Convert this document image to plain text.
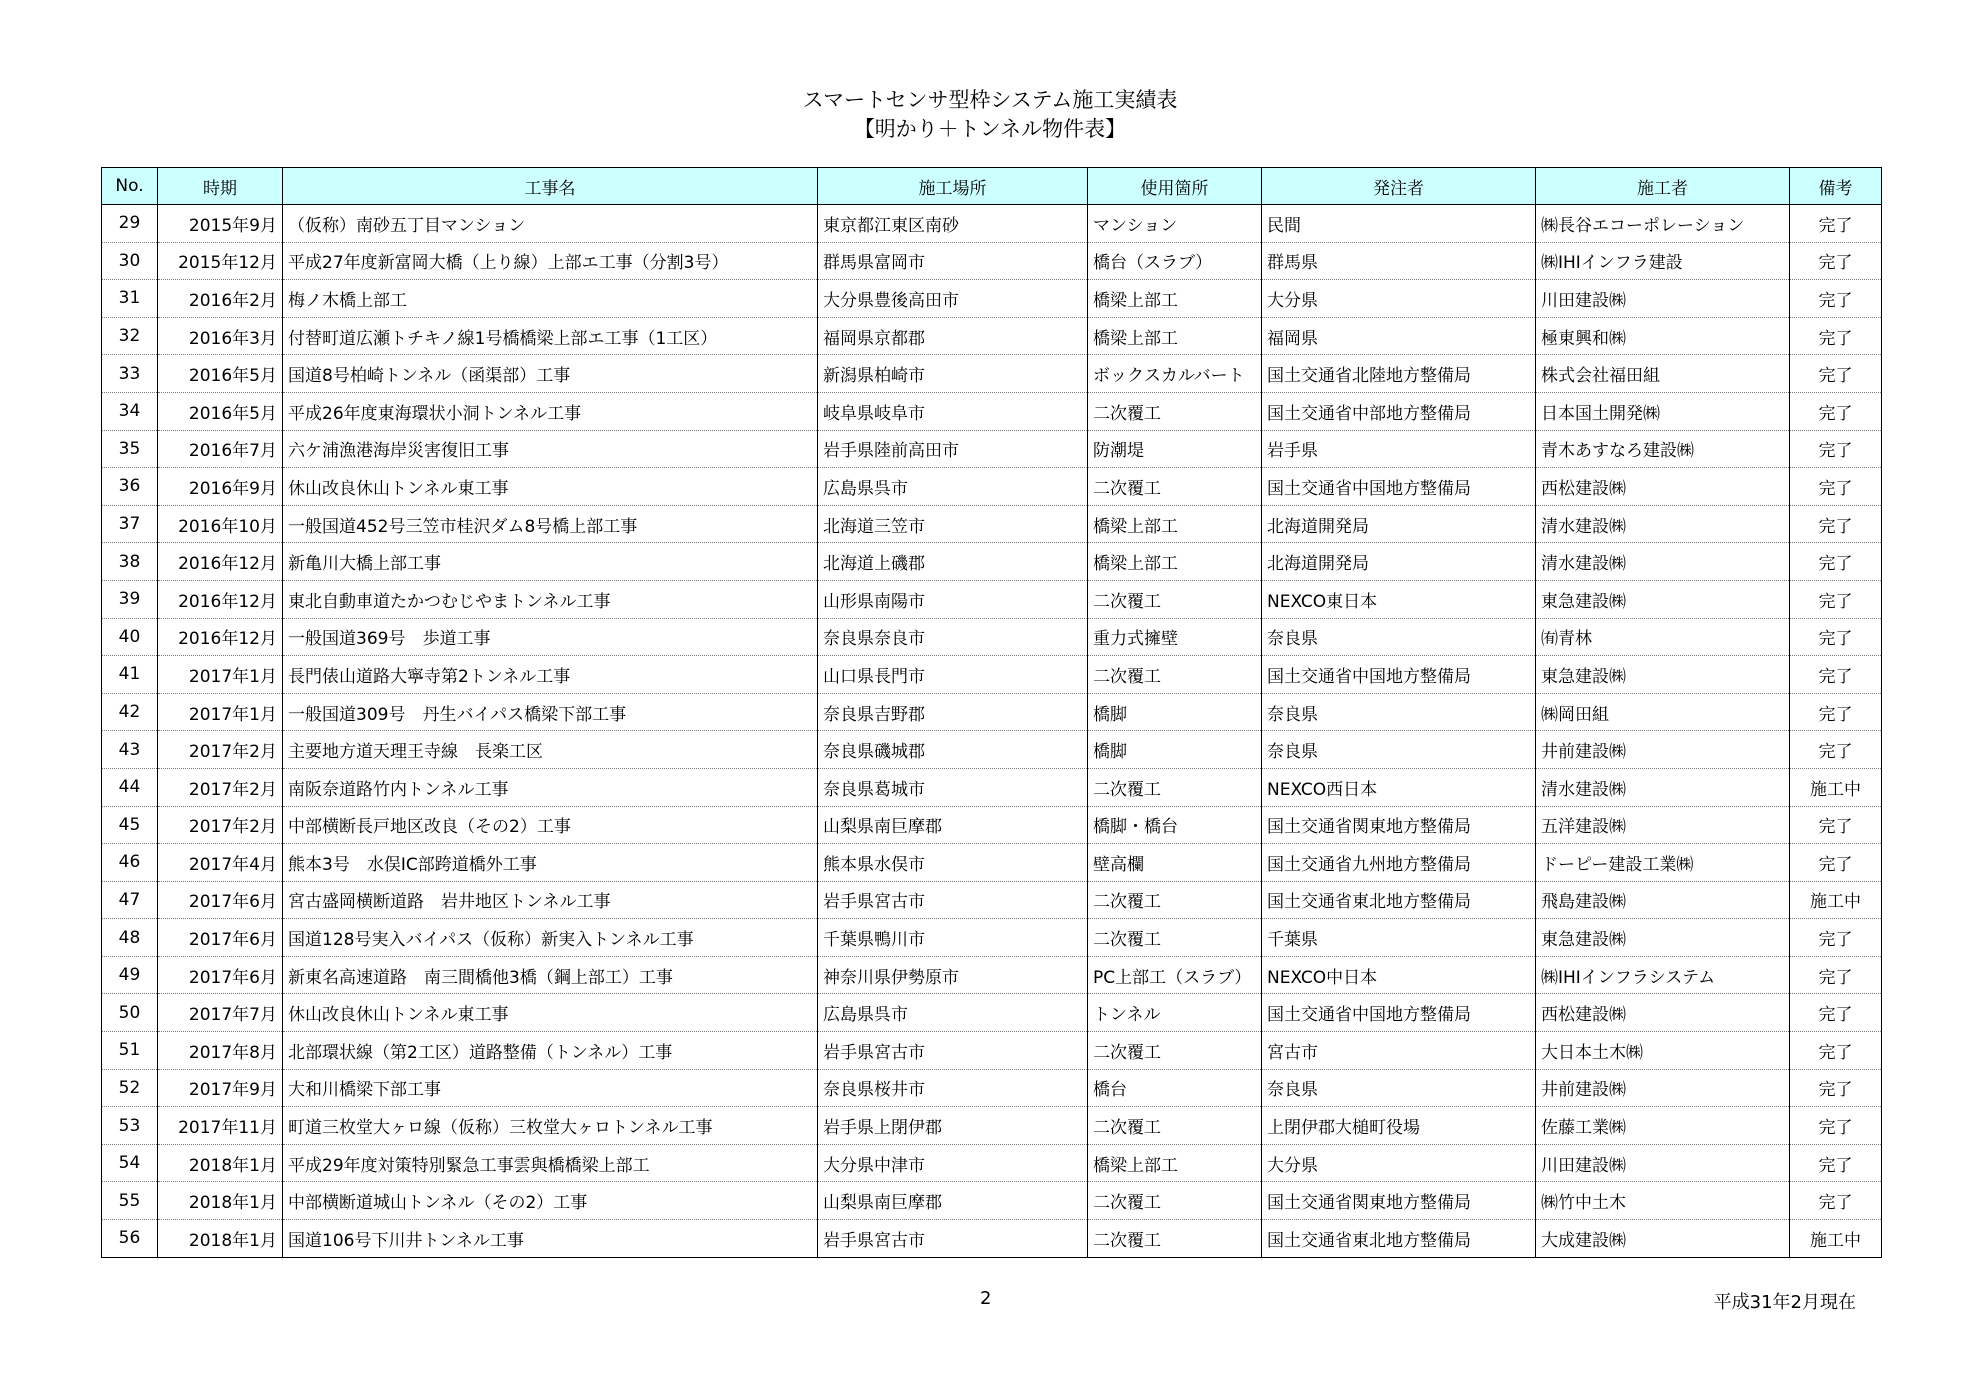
スマートセンサ型枠システム施工実績表
【明かり＋トンネル物件表】
No.	時期	工事名	施工場所	使用箇所	発注者	施工者	備考
29	2015年9月	（仮称）南砂五丁目マンション	東京都江東区南砂	マンション	民間	㈱長谷エコーポレーション	完了
30	2015年12月	平成27年度新富岡大橋（上り線）上部エ工事（分割3号）	群馬県富岡市	橋台（スラブ）	群馬県	㈱IHIインフラ建設	完了
31	2016年2月	梅ノ木橋上部工	大分県豊後高田市	橋梁上部工	大分県	川田建設㈱	完了
32	2016年3月	付替町道広瀬トチキノ線1号橋橋梁上部エ工事（1工区）	福岡県京都郡	橋梁上部工	福岡県	極東興和㈱	完了
33	2016年5月	国道8号柏崎トンネル（函渠部）工事	新潟県柏崎市	ボックスカルバート	国土交通省北陸地方整備局	株式会社福田組	完了
34	2016年5月	平成26年度東海環状小洞トンネル工事	岐阜県岐阜市	二次覆工	国土交通省中部地方整備局	日本国土開発㈱	完了
35	2016年7月	六ケ浦漁港海岸災害復旧工事	岩手県陸前高田市	防潮堤	岩手県	青木あすなろ建設㈱	完了
36	2016年9月	休山改良休山トンネル東工事	広島県呉市	二次覆工	国土交通省中国地方整備局	西松建設㈱	完了
37	2016年10月	一般国道452号三笠市桂沢ダム8号橋上部工事	北海道三笠市	橋梁上部工	北海道開発局	清水建設㈱	完了
38	2016年12月	新亀川大橋上部工事	北海道上磯郡	橋梁上部工	北海道開発局	清水建設㈱	完了
39	2016年12月	東北自動車道たかつむじやまトンネル工事	山形県南陽市	二次覆工	NEXCO東日本	東急建設㈱	完了
40	2016年12月	一般国道369号　歩道工事	奈良県奈良市	重力式擁壁	奈良県	㈲青林	完了
41	2017年1月	長門俵山道路大寧寺第2トンネル工事	山口県長門市	二次覆工	国土交通省中国地方整備局	東急建設㈱	完了
42	2017年1月	一般国道309号　丹生バイパス橋梁下部工事	奈良県吉野郡	橋脚	奈良県	㈱岡田組	完了
43	2017年2月	主要地方道天理王寺線　長楽工区	奈良県磯城郡	橋脚	奈良県	井前建設㈱	完了
44	2017年2月	南阪奈道路竹内トンネル工事	奈良県葛城市	二次覆工	NEXCO西日本	清水建設㈱	施工中
45	2017年2月	中部横断長戸地区改良（その2）工事	山梨県南巨摩郡	橋脚・橋台	国土交通省関東地方整備局	五洋建設㈱	完了
46	2017年4月	熊本3号　水俣IC部跨道橋外工事	熊本県水俣市	壁高欄	国土交通省九州地方整備局	ドーピー建設工業㈱	完了
47	2017年6月	宮古盛岡横断道路　岩井地区トンネル工事	岩手県宮古市	二次覆工	国土交通省東北地方整備局	飛島建設㈱	施工中
48	2017年6月	国道128号実入バイパス（仮称）新実入トンネル工事	千葉県鴨川市	二次覆工	千葉県	東急建設㈱	完了
49	2017年6月	新東名高速道路　南三間橋他3橋（鋼上部工）工事	神奈川県伊勢原市	PC上部工（スラブ）	NEXCO中日本	㈱IHIインフラシステム	完了
50	2017年7月	休山改良休山トンネル東工事	広島県呉市	トンネル	国土交通省中国地方整備局	西松建設㈱	完了
51	2017年8月	北部環状線（第2工区）道路整備（トンネル）工事	岩手県宮古市	二次覆工	宮古市	大日本土木㈱	完了
52	2017年9月	大和川橋梁下部工事	奈良県桜井市	橋台	奈良県	井前建設㈱	完了
53	2017年11月	町道三枚堂大ヶロ線（仮称）三枚堂大ヶロトンネル工事	岩手県上閉伊郡	二次覆工	上閉伊郡大槌町役場	佐藤工業㈱	完了
54	2018年1月	平成29年度対策特別緊急工事雲與橋橋梁上部工	大分県中津市	橋梁上部工	大分県	川田建設㈱	完了
55	2018年1月	中部横断道城山トンネル（その2）工事	山梨県南巨摩郡	二次覆工	国土交通省関東地方整備局	㈱竹中土木	完了
56	2018年1月	国道106号下川井トンネル工事	岩手県宮古市	二次覆工	国土交通省東北地方整備局	大成建設㈱	施工中
2	平成31年2月現在
